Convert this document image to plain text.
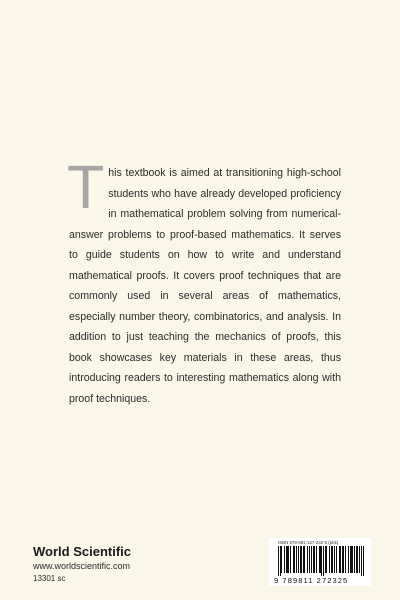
This textbook is aimed at transitioning high-school students who have already developed proficiency in mathematical problem solving from numerical-answer problems to proof-based mathematics. It serves to guide students on how to write and understand mathematical proofs. It covers proof techniques that are commonly used in several areas of mathematics, especially number theory, combinatorics, and analysis. In addition to just teaching the mechanics of proofs, this book showcases key materials in these areas, thus introducing readers to interesting mathematics along with proof techniques.
World Scientific
www.worldscientific.com
13301 sc
ISBN 978-981-127-232-5 (pbk)
9 789811 272325
